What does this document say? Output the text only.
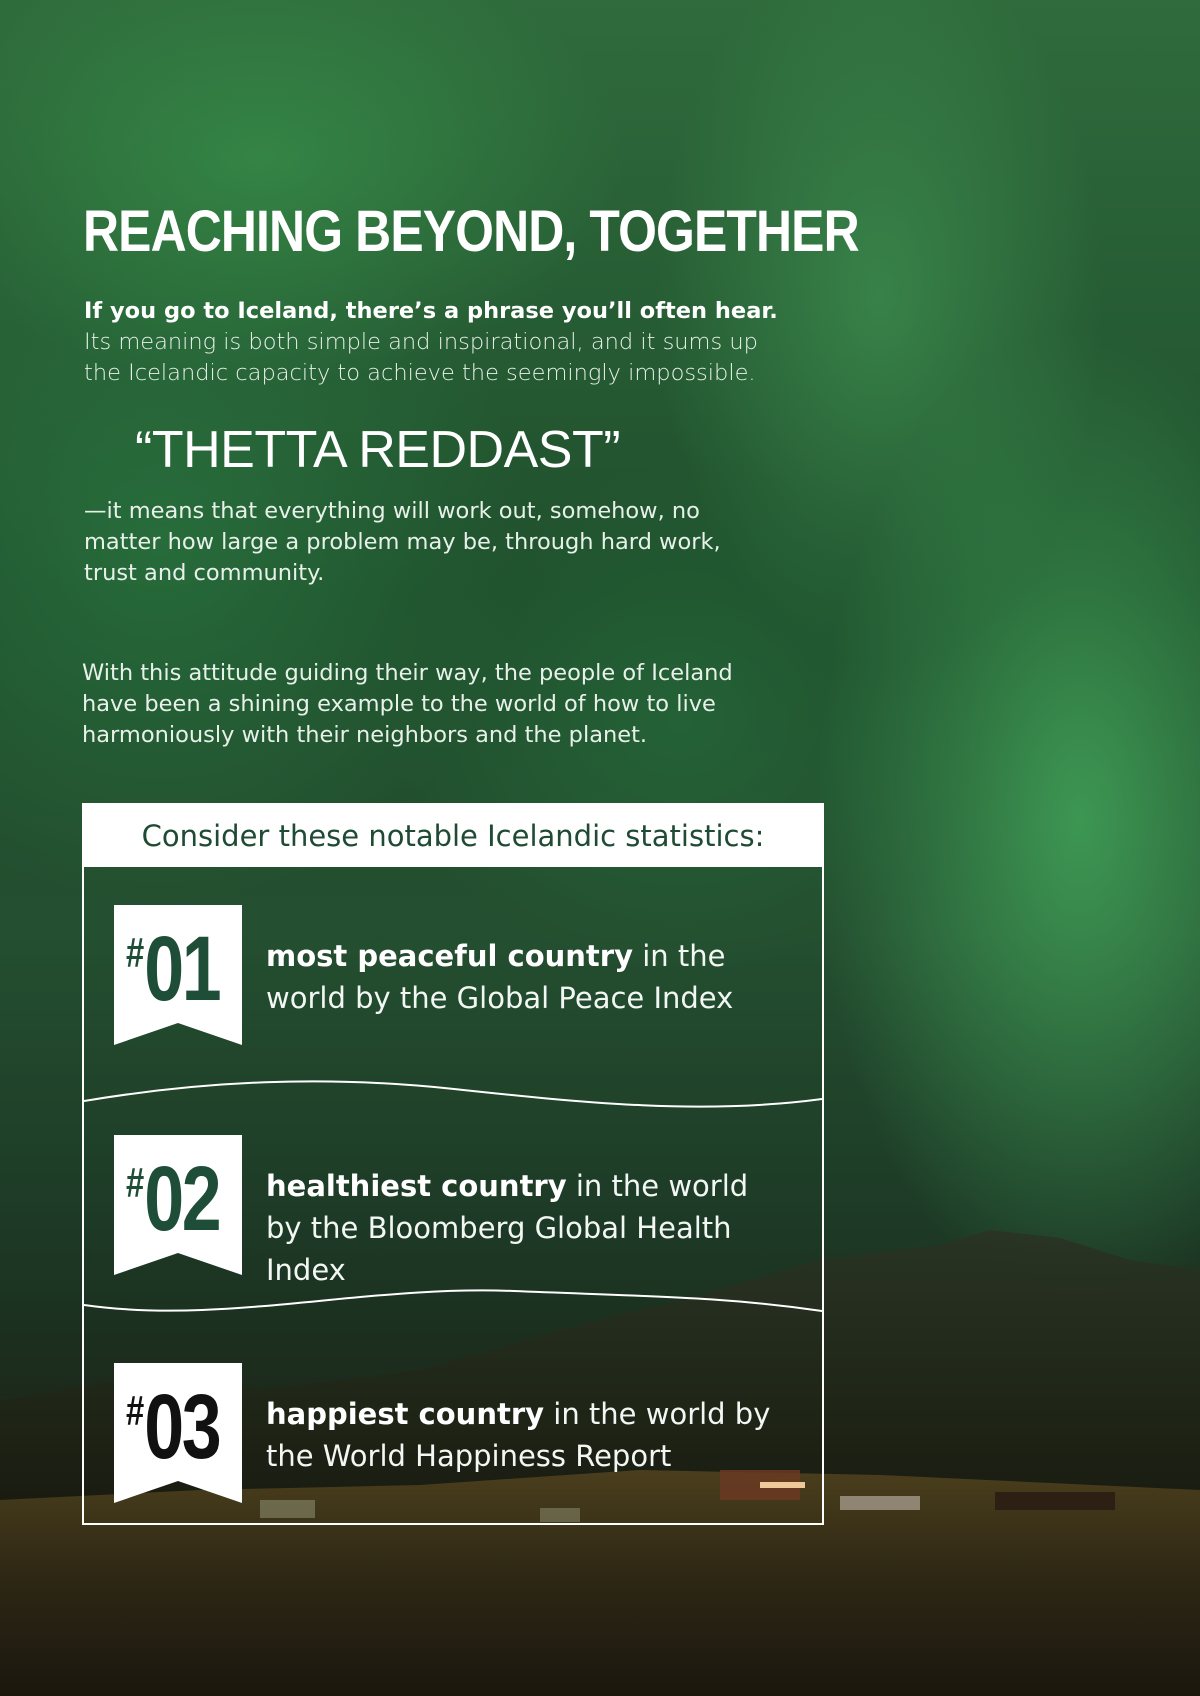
REACHING BEYOND, TOGETHER

If you go to Iceland, there’s a phrase you’ll often hear. Its meaning is both simple and inspirational, and it sums up the Icelandic capacity to achieve the seemingly impossible.

“THETTA REDDAST”

—it means that everything will work out, somehow, no matter how large a problem may be, through hard work, trust and community.

With this attitude guiding their way, the people of Iceland have been a shining example to the world of how to live harmoniously with their neighbors and the planet.

Consider these notable Icelandic statistics:
#01 most peaceful country in the world by the Global Peace Index

#02 healthiest country in the world by the Bloomberg Global Health Index

#03 happiest country in the world by the World Happiness Report
